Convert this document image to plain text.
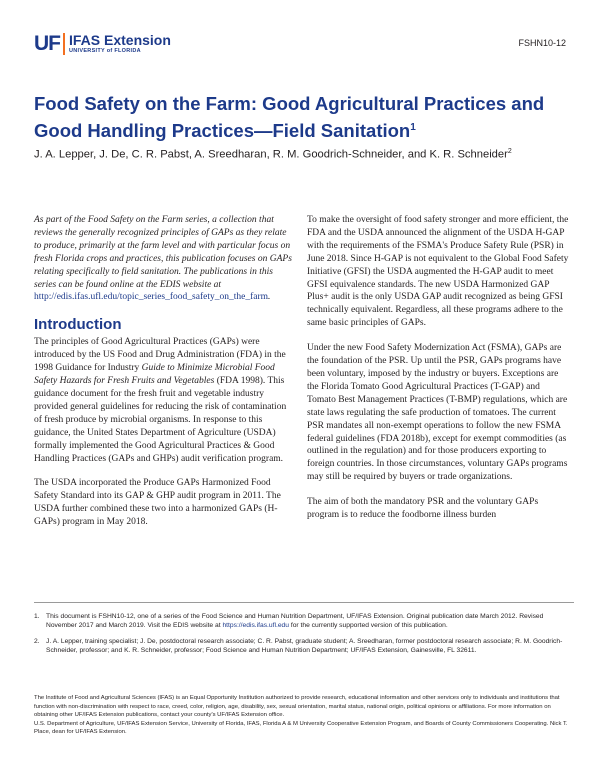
UF IFAS Extension
UNIVERSITY of FLORIDA
FSHN10-12
Food Safety on the Farm: Good Agricultural Practices and Good Handling Practices—Field Sanitation$^1$
J. A. Lepper, J. De, C. R. Pabst, A. Sreedharan, R. M. Goodrich-Schneider, and K. R. Schneider$^2$

As part of the Food Safety on the Farm series, a collection that reviews the generally recognized principles of GAPs as they relate to produce, primarily at the farm level and with particular focus on fresh Florida crops and practices, this publication focuses on GAPs relating specifically to field sanitation. The publications in this series can be found online at the EDIS website at http://edis.ifas.ufl.edu/topic_series_food_safety_on_the_farm.

Introduction

The principles of Good Agricultural Practices (GAPs) were introduced by the US Food and Drug Administration (FDA) in the 1998 Guidance for Industry Guide to Minimize Microbial Food Safety Hazards for Fresh Fruits and Vegetables (FDA 1998). This guidance document for the fresh fruit and vegetable industry provided general guidelines for reducing the risk of contamination of fresh produce by microbial organisms. In response to this guidance, the United States Department of Agriculture (USDA) formally implemented the Good Agricultural Practices & Good Handling Practices (GAPs and GHPs) audit verification program.

The USDA incorporated the Produce GAPs Harmonized Food Safety Standard into its GAP & GHP audit program in 2011. The USDA further combined these two into a harmonized GAPs (H-GAPs) program in May 2018.

To make the oversight of food safety stronger and more efficient, the FDA and the USDA announced the alignment of the USDA H-GAP with the requirements of the FSMA's Produce Safety Rule (PSR) in June 2018. Since H-GAP is not equivalent to the Global Food Safety Initiative (GFSI) the USDA augmented the H-GAP audit to meet GFSI equivalence standards. The new USDA Harmonized GAP Plus+ audit is the only USDA GAP audit recognized as being GFSI technically equivalent. Regardless, all these programs adhere to the same basic principles of GAPs.

Under the new Food Safety Modernization Act (FSMA), GAPs are the foundation of the PSR. Up until the PSR, GAPs programs have been voluntary, imposed by the industry or buyers. Exceptions are the Florida Tomato Good Agricultural Practices (T-GAP) and Tomato Best Management Practices (T-BMP) regulations, which are state laws regulating the safe production of tomatoes. The current PSR mandates all non-exempt operations to follow the new FSMA federal guidelines (FDA 2018b), except for exempt commodities (as outlined in the regulation) and for those producers exporting to foreign countries. In those circumstances, voluntary GAPs programs may still be required by buyers or trade organizations.

The aim of both the mandatory PSR and the voluntary GAPs program is to reduce the foodborne illness burden

1. This document is FSHN10-12, one of a series of the Food Science and Human Nutrition Department, UF/IFAS Extension. Original publication date March 2012. Revised November 2017 and March 2019. Visit the EDIS website at https://edis.ifas.ufl.edu for the currently supported version of this publication.
2. J. A. Lepper, training specialist; J. De, postdoctoral research associate; C. R. Pabst, graduate student; A. Sreedharan, former postdoctoral research associate; R. M. Goodrich-Schneider, professor; and K. R. Schneider, professor; Food Science and Human Nutrition Department; UF/IFAS Extension, Gainesville, FL 32611.
The Institute of Food and Agricultural Sciences (IFAS) is an Equal Opportunity Institution authorized to provide research, educational information and other services only to individuals and institutions that function with non-discrimination with respect to race, creed, color, religion, age, disability, sex, sexual orientation, marital status, national origin, political opinions or affiliations. For more information on obtaining other UF/IFAS Extension publications, contact your county's UF/IFAS Extension office.
U.S. Department of Agriculture, UF/IFAS Extension Service, University of Florida, IFAS, Florida A & M University Cooperative Extension Program, and Boards of County Commissioners Cooperating. Nick T. Place, dean for UF/IFAS Extension.
